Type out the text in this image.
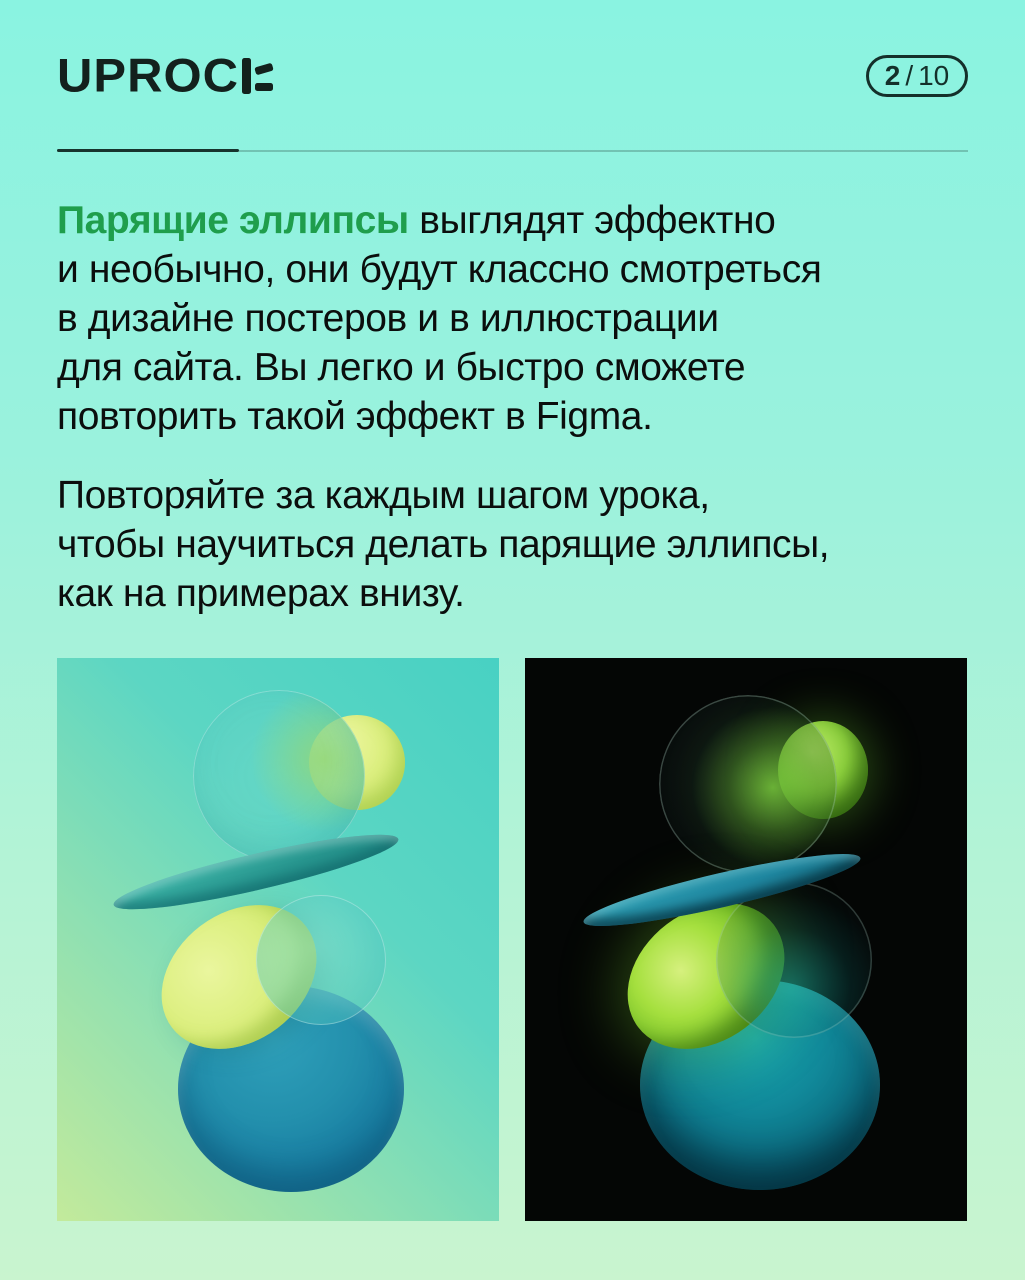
UPROC	2 / 10

Парящие эллипсы выглядят эффектно
и необычно, они будут классно смотреться
в дизайне постеров и в иллюстрации
для сайта. Вы легко и быстро сможете
повторить такой эффект в Figma.

Повторяйте за каждым шагом урока,
чтобы научиться делать парящие эллипсы,
как на примерах внизу.
